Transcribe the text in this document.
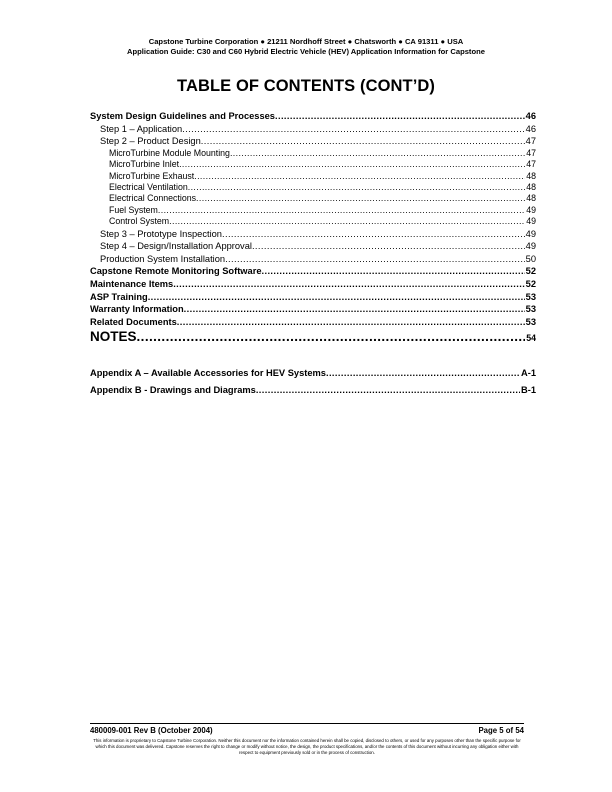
Capstone Turbine Corporation ● 21211 Nordhoff Street ● Chatsworth ● CA 91311 ● USA
Application Guide: C30 and C60 Hybrid Electric Vehicle (HEV) Application Information for Capstone
TABLE OF CONTENTS (CONT’D)
System Design Guidelines and Processes .....	46
Step 1 – Application .....	46
Step 2 – Product Design .....	47
MicroTurbine Module Mounting .....	47
MicroTurbine Inlet .....	47
MicroTurbine Exhaust .....	48
Electrical Ventilation .....	48
Electrical Connections .....	48
Fuel System .....	49
Control System .....	49
Step 3 – Prototype Inspection .....	49
Step 4 – Design/Installation Approval .....	49
Production System Installation .....	50
Capstone Remote Monitoring Software .....	52
Maintenance Items .....	52
ASP Training .....	53
Warranty Information .....	53
Related Documents .....	53
NOTES .....	54
Appendix A – Available Accessories for HEV Systems .....	A-1
Appendix B - Drawings and Diagrams .....	B-1
480009-001 Rev B (October 2004)	Page 5 of 54
This information is proprietary to Capstone Turbine Corporation. Neither this document nor the information contained herein shall be copied, disclosed to others, or used for any purposes other than the specific purpose for which this document was delivered. Capstone reserves the right to change or modify without notice, the design, the product specifications, and/or the contents of this document without incurring any obligation either with respect to equipment previously sold or in the process of construction.
